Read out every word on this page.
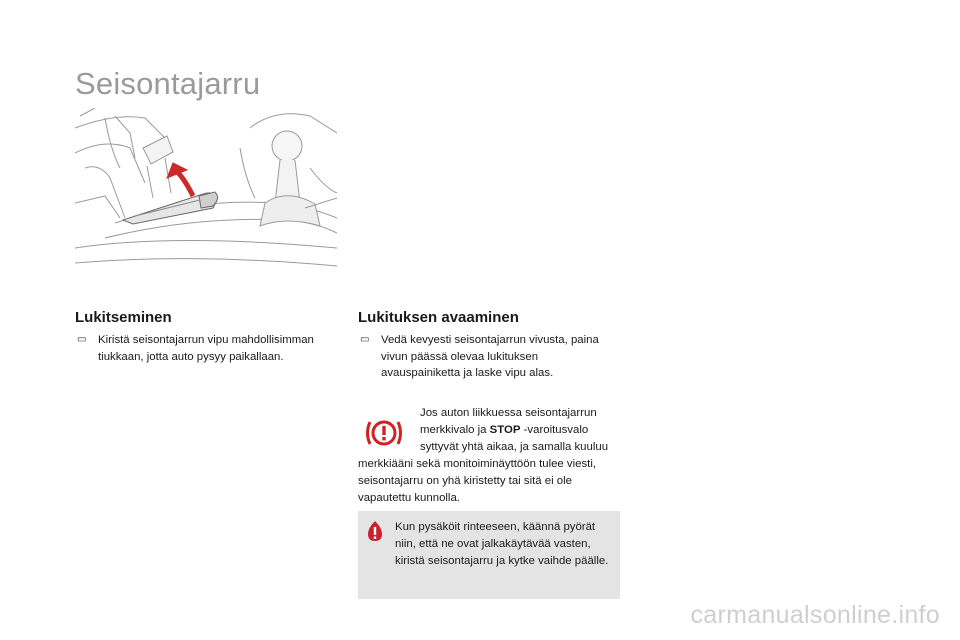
Seisontajarru
Lukitseminen
▭ Kiristä seisontajarrun vipu mahdollisimman tiukkaan, jotta auto pysyy paikallaan.
Lukituksen avaaminen
▭ Vedä kevyesti seisontajarrun vivusta, paina vivun päässä olevaa lukituksen avauspainiketta ja laske vipu alas.
Jos auton liikkuessa seisontajarrun merkkivalo ja STOP -varoitusvalo syttyvät yhtä aikaa, ja samalla kuuluu merkkiääni sekä monitoiminäyttöön tulee viesti, seisontajarru on yhä kiristetty tai sitä ei ole vapautettu kunnolla.
Kun pysäköit rinteeseen, käännä pyörät niin, että ne ovat jalkakäytävää vasten, kiristä seisontajarru ja kytke vaihde päälle.
carmanualsonline.info
